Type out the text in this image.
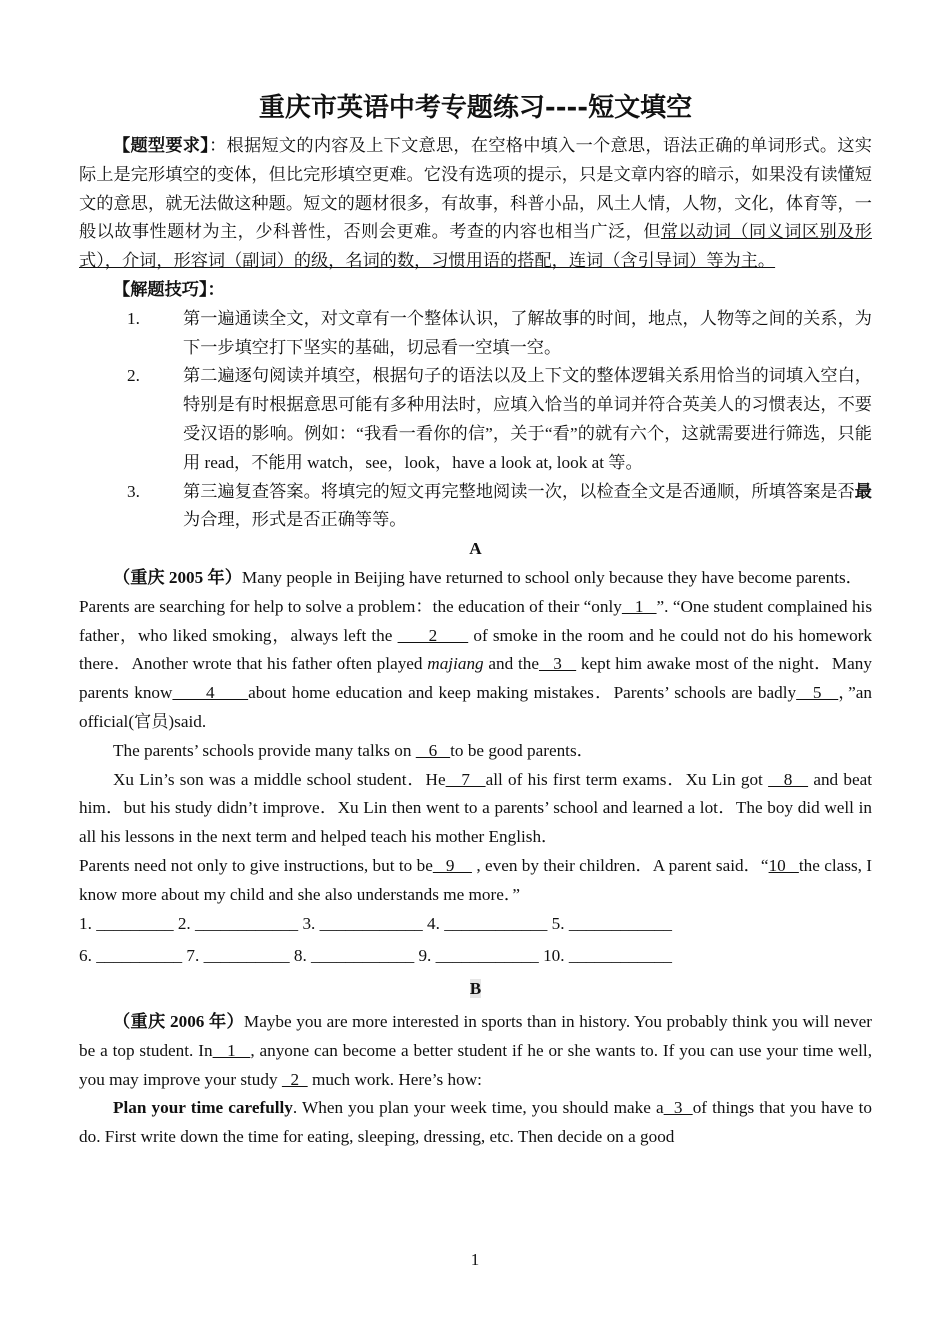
重庆市英语中考专题练习----短文填空

【题型要求】：根据短文的内容及上下文意思，在空格中填入一个意思，语法正确的单词形式。这实际上是完形填空的变体，但比完形填空更难。它没有选项的提示，只是文章内容的暗示，如果没有读懂短文的意思，就无法做这种题。短文的题材很多，有故事，科普小品，风土人情，人物，文化，体育等，一般以故事性题材为主，少科普性，否则会更难。考查的内容也相当广泛，但常以动词（同义词区别及形式），介词，形容词（副词）的级，名词的数，习惯用语的搭配，连词（含引导词）等为主。

【解题技巧】：

1.	第一遍通读全文，对文章有一个整体认识，了解故事的时间，地点，人物等之间的关系，为下一步填空打下坚实的基础，切忌看一空填一空。
2.	第二遍逐句阅读并填空，根据句子的语法以及上下文的整体逻辑关系用恰当的词填入空白，特别是有时根据意思可能有多种用法时，应填入恰当的单词并符合英美人的习惯表达，不要受汉语的影响。例如：“我看一看你的信”，关于“看”的就有六个，这就需要进行筛选，只能用 read，不能用 watch，see，look，have a look at, look at 等。
3.	第三遍复查答案。将填完的短文再完整地阅读一次，以检查全文是否通顺，所填答案是否最为合理，形式是否正确等等。

A

（重庆 2005 年）Many people in Beijing have returned to school only because they have become parents．

Parents are searching for help to solve a problem：the education of their “only   1   ”. “One student complained his father，who liked smoking，always left the       2       of smoke in the room and he could not do his homework there．Another wrote that his father often played majiang and the   3    kept him awake most of the night．Many parents know      4      about home education and keep making mistakes．Parents’ schools are badly   5   ，”an official(官员)said.

The parents’ schools provide many talks on    6   to be good parents．

Xu Lin’s son was a middle school student．He   7   all of his first term exams．Xu Lin got    8    and beat him．but his study didn’t improve．Xu Lin then went to a parents’ school and learned a lot．The boy did well in all his lessons in the next term and helped teach his mother English．

Parents need not only to give instructions, but to be   9     , even by their children．A parent said．“10   the class, I know more about my child and she also understands me more．”

1. _________ 2. ____________ 3. ____________ 4. ____________ 5. ____________

6. __________ 7. __________ 8. ____________ 9. ____________ 10. ____________

B

（重庆 2006 年）Maybe you are more interested in sports than in history. You probably think you will never be a top student. In   1   , anyone can become a better student if he or she wants to. If you can use your time well, you may improve your study   2   much work. Here’s how:

Plan your time carefully. When you plan your week time, you should make a  3  of things that you have to do. First write down the time for eating, sleeping, dressing, etc. Then decide on a good

1
